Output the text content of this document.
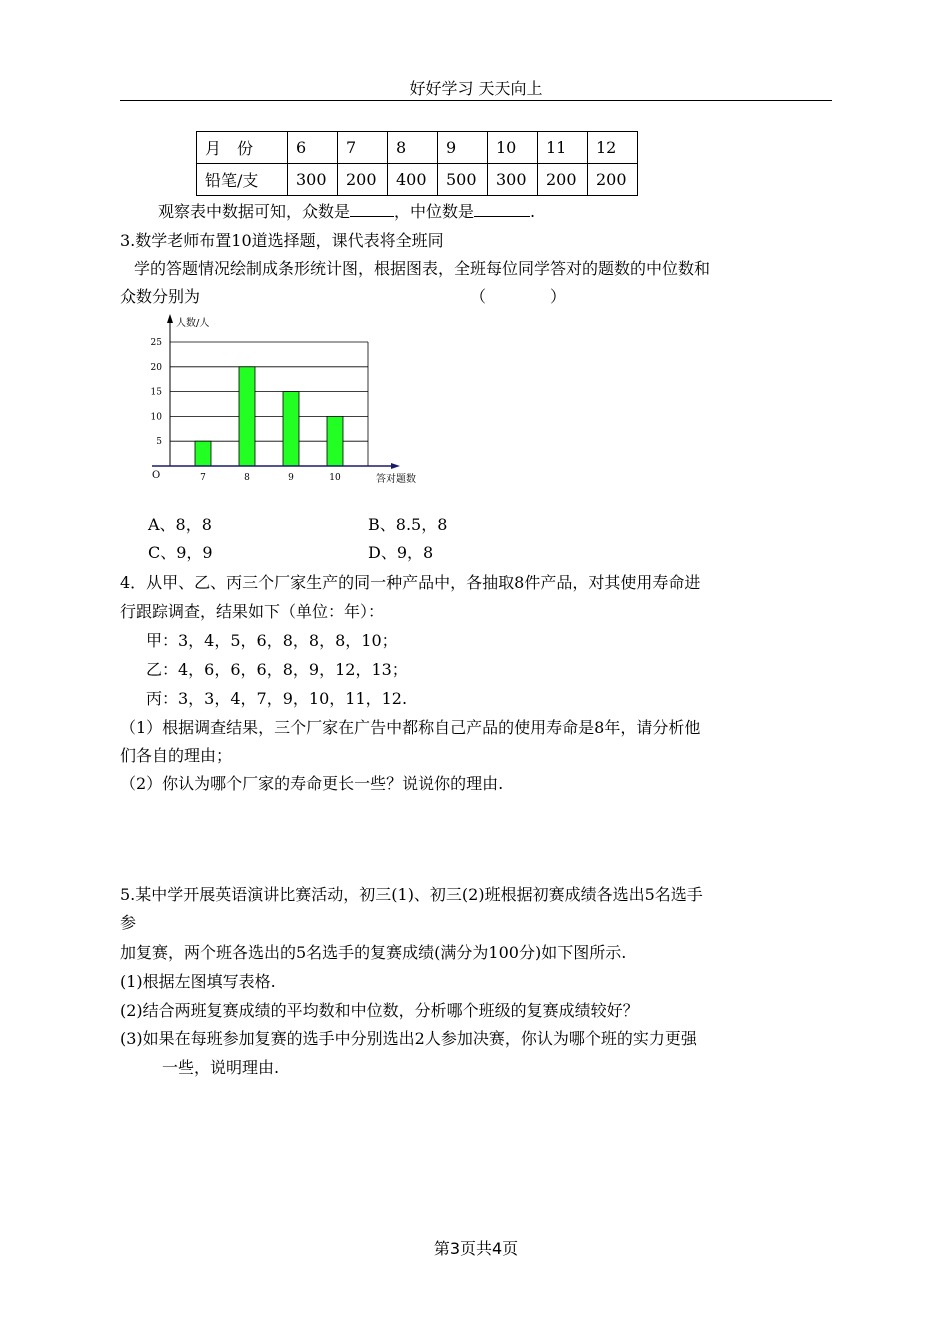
好好学习 天天向上
月　份	6	7	8	9	10	11	12
铅笔/支	300	200	400	500	300	200	200
观察表中数据可知，众数是	，中位数是	.
3.数学老师布置10道选择题，课代表将全班同
学的答题情况绘制成条形统计图，根据图表，全班每位同学答对的题数的中位数和
众数分别为	（　　　　）
5
10
15
20
25
7	8	9	10
人数/人
答对题数
O
A、8，8	B、8.5，8
C、9，9	D、9，8
4．从甲、乙、丙三个厂家生产的同一种产品中，各抽取8件产品，对其使用寿命进
行跟踪调查，结果如下（单位：年）：
甲：3，4，5，6，8，8，8，10；
乙：4，6，6，6，8，9，12，13；
丙：3，3，4，7，9，10，11，12.
（1）根据调查结果，三个厂家在广告中都称自己产品的使用寿命是8年，请分析他
们各自的理由；
（2）你认为哪个厂家的寿命更长一些？说说你的理由.
5.某中学开展英语演讲比赛活动，初三(1)、初三(2)班根据初赛成绩各选出5名选手
参
加复赛，两个班各选出的5名选手的复赛成绩(满分为100分)如下图所示.
(1)根据左图填写表格.
(2)结合两班复赛成绩的平均数和中位数，分析哪个班级的复赛成绩较好？
(3)如果在每班参加复赛的选手中分别选出2人参加决赛，你认为哪个班的实力更强
一些，说明理由.
第3页共4页
